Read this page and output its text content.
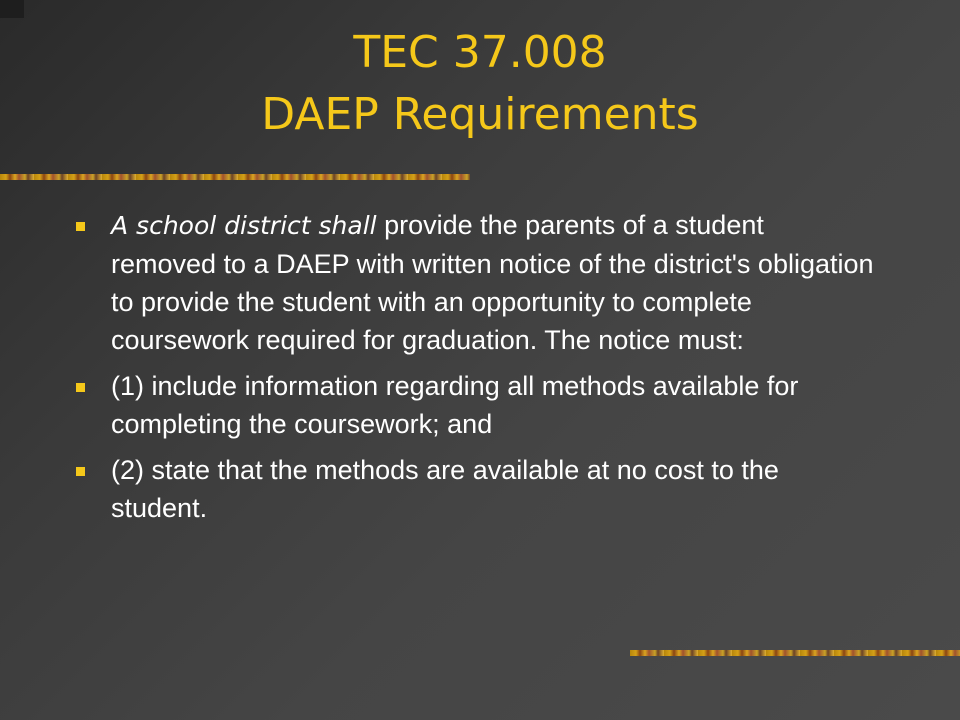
TEC 37.008
DAEP Requirements
A school district shall provide the parents of a student removed to a DAEP with written notice of the district's obligation to provide the student with an opportunity to complete coursework required for graduation. The notice must:
(1) include information regarding all methods available for completing the coursework; and
(2) state that the methods are available at no cost to the student.
